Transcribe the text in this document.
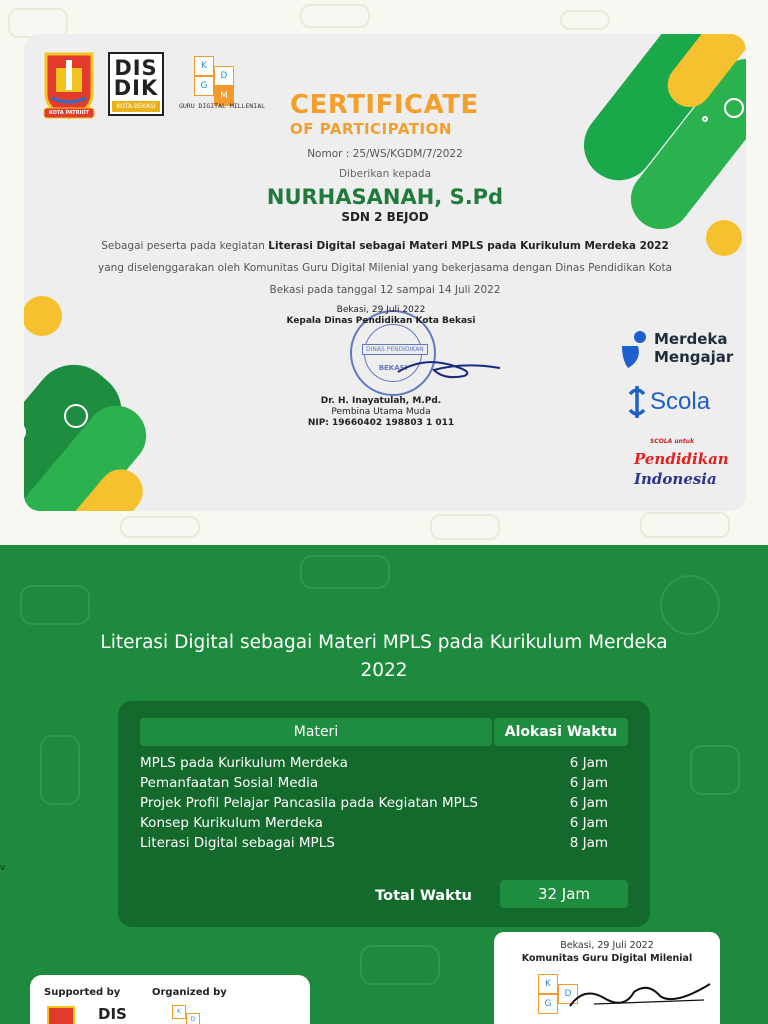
KOTA PATRIOT
DIS
DIK
KOTA BEKASI
K
D
G
M
GURU DIGITAL MILLENIAL CERTIFICATE
OF PARTICIPATION
Nomor : 25/WS/KGDM/7/2022
Diberikan kepada
NURHASANAH, S.Pd
SDN 2 BEJOD
Sebagai peserta pada kegiatan Literasi Digital sebagai Materi MPLS pada Kurikulum Merdeka 2022 yang diselenggarakan oleh Komunitas Guru Digital Milenial yang bekerjasama dengan Dinas Pendidikan Kota Bekasi pada tanggal 12 sampai 14 Juli 2022
DINAS PENDIDIKAN
BEKASI
Bekasi, 29 Juli 2022
Kepala Dinas Pendidikan Kota Bekasi
Dr. H. Inayatulah, M.Pd.
Pembina Utama Muda
NIP: 19660402 198803 1 011
Merdeka
Mengajar
Scola
SCOLA untuk
Pendidikan
Indonesia
Literasi Digital sebagai Materi MPLS pada Kurikulum Merdeka 2022
Materi	Alokasi Waktu
MPLS pada Kurikulum Merdeka	6 Jam
Pemanfaatan Sosial Media	6 Jam
Projek Profil Pelajar Pancasila pada Kegiatan MPLS	6 Jam
Konsep Kurikulum Merdeka	6 Jam
Literasi Digital sebagai MPLS	8 Jam
Total Waktu	32 Jam
v
Bekasi, 29 Juli 2022
Komunitas Guru Digital Milenial
K
D
G
Supported by	Organized by
DIS	K
D
